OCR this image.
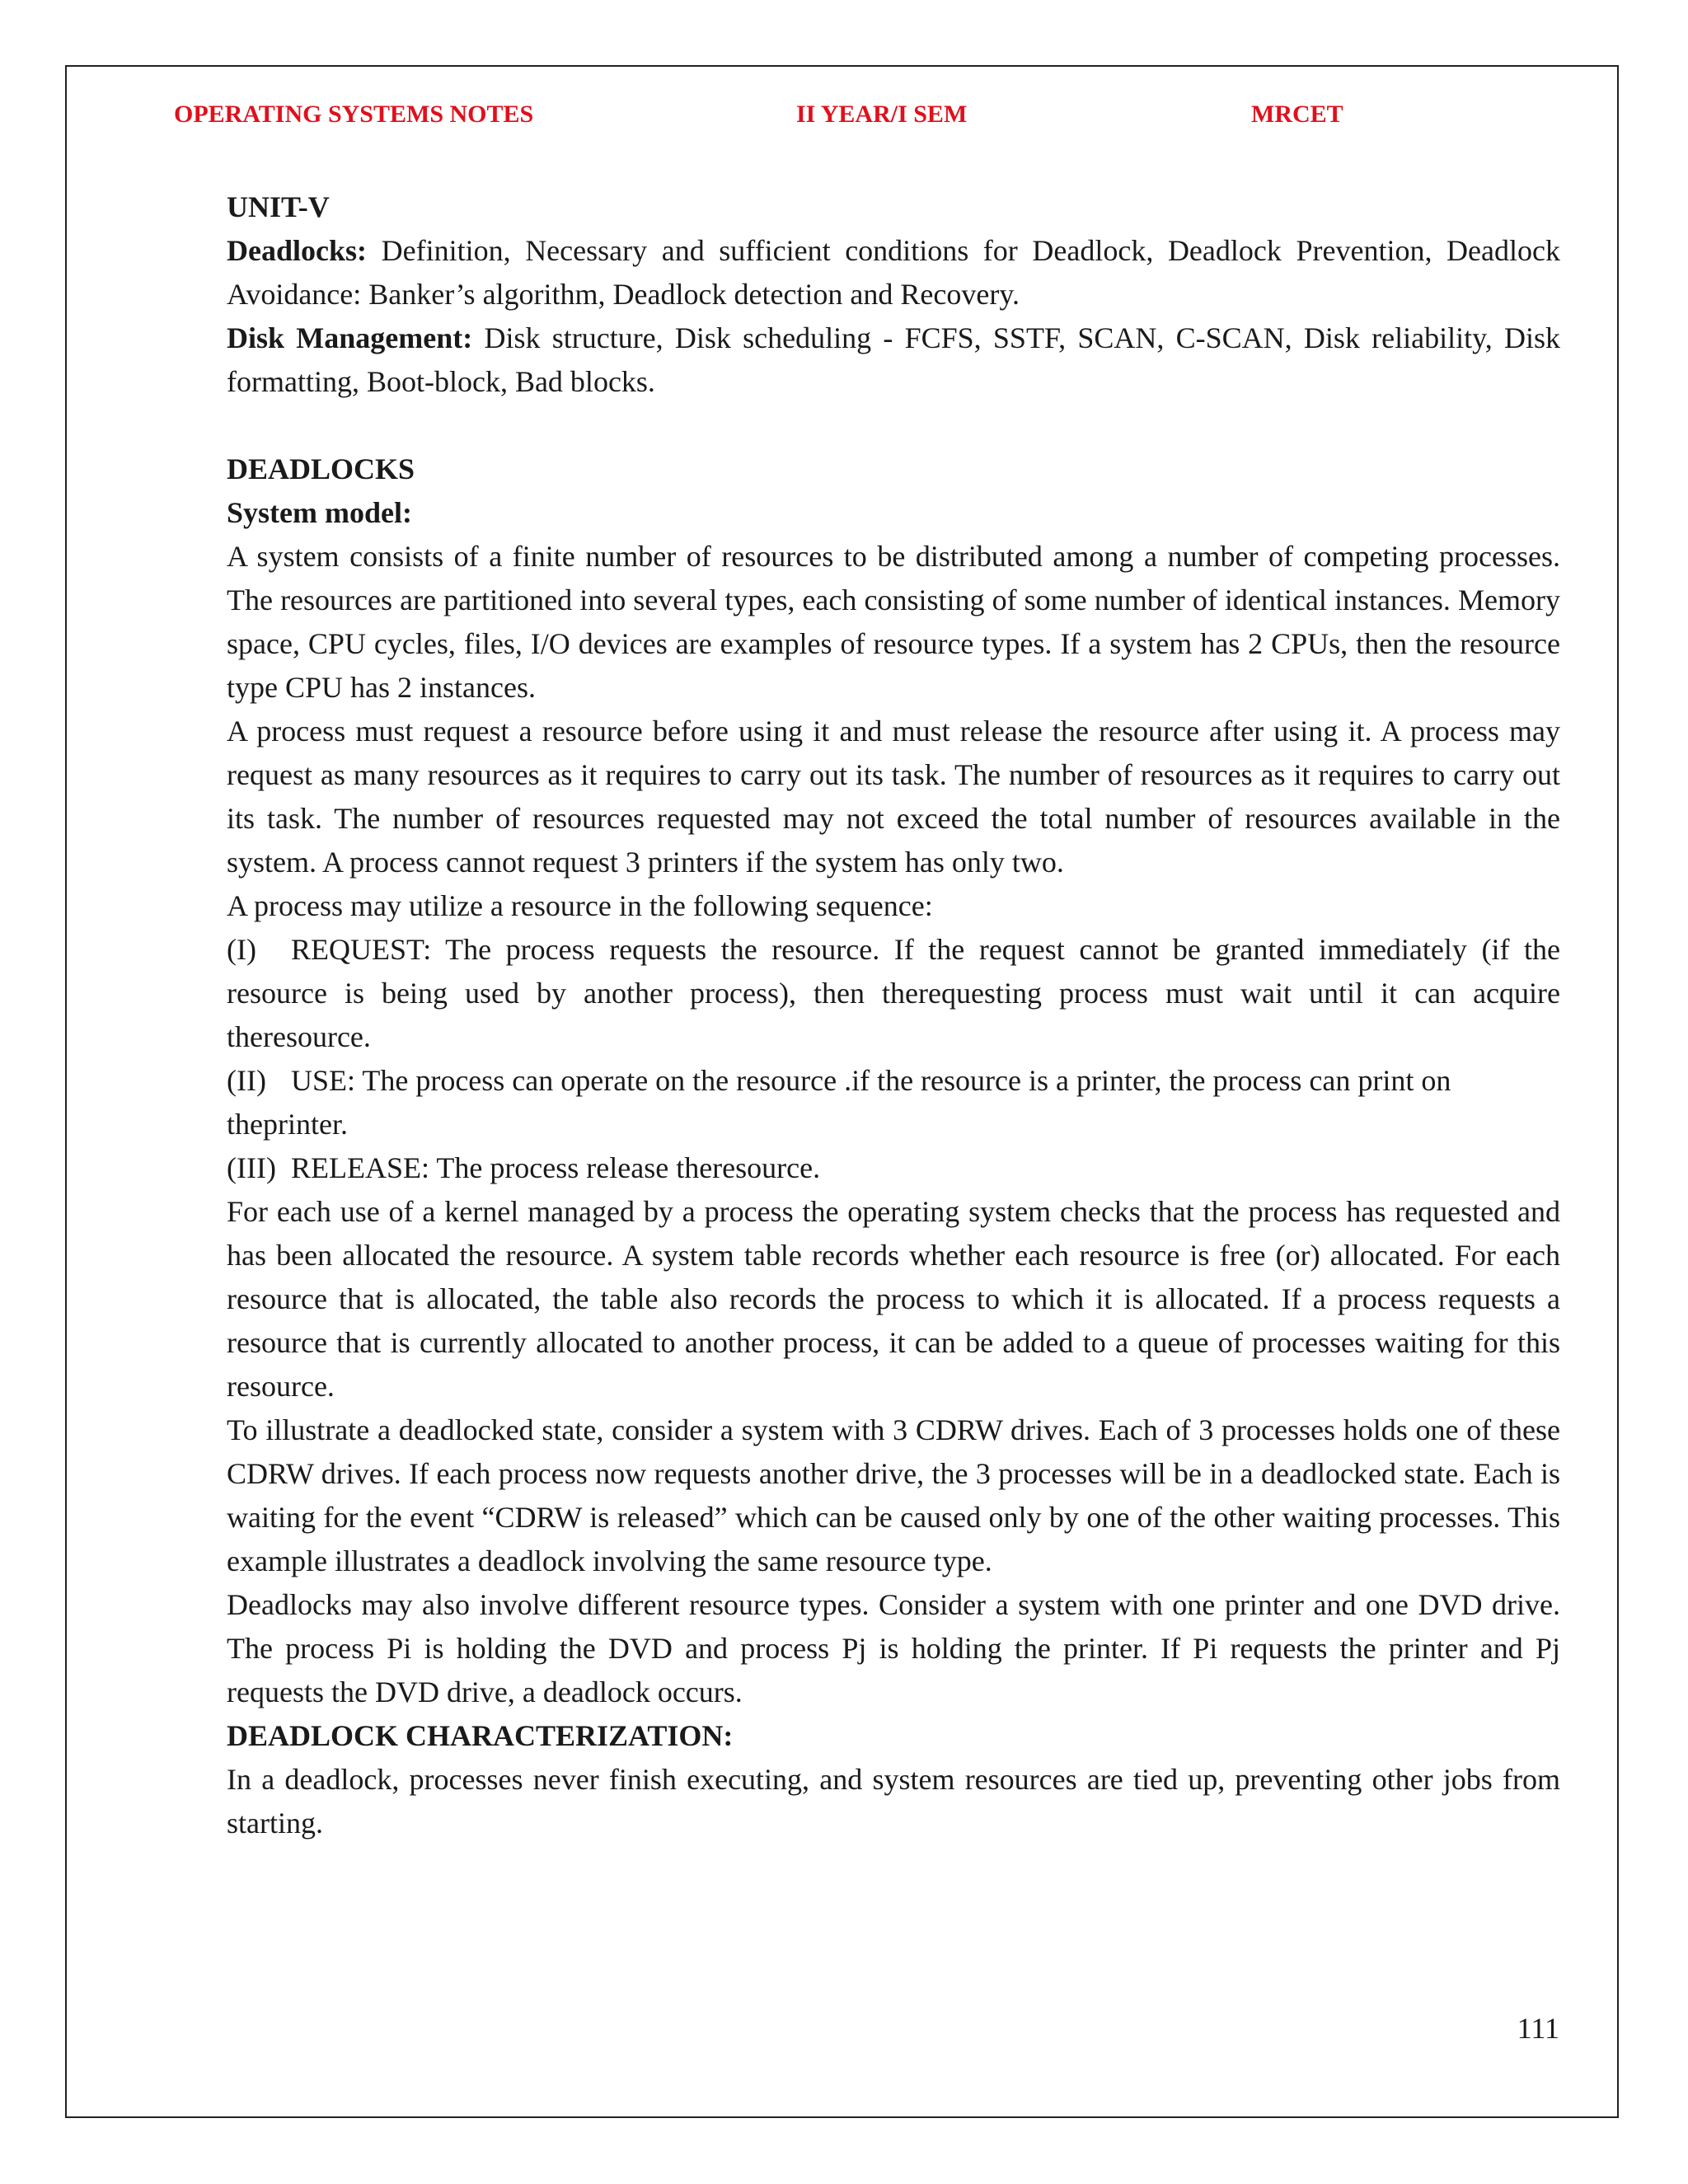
OPERATING SYSTEMS NOTES	II YEAR/I SEM	MRCET

UNIT-V

Deadlocks: Definition, Necessary and sufficient conditions for Deadlock, Deadlock Prevention, Deadlock Avoidance: Banker’s algorithm, Deadlock detection and Recovery.

Disk Management: Disk structure, Disk scheduling - FCFS, SSTF, SCAN, C-SCAN, Disk reliability, Disk formatting, Boot-block, Bad blocks.

DEADLOCKS

System model:

A system consists of a finite number of resources to be distributed among a number of competing processes. The resources are partitioned into several types, each consisting of some number of identical instances. Memory space, CPU cycles, files, I/O devices are examples of resource types. If a system has 2 CPUs, then the resource type CPU has 2 instances.

A process must request a resource before using it and must release the resource after using it. A process may request as many resources as it requires to carry out its task. The number of resources as it requires to carry out its task. The number of resources requested may not exceed the total number of resources available in the system. A process cannot request 3 printers if the system has only two.

A process may utilize a resource in the following sequence:

(I) REQUEST: The process requests the resource. If the request cannot be granted immediately (if the resource is being used by another process), then therequesting process must wait until it can acquire theresource.

(II) USE: The process can operate on the resource .if the resource is a printer, the process can print on theprinter.

(III) RELEASE: The process release theresource.

For each use of a kernel managed by a process the operating system checks that the process has requested and has been allocated the resource. A system table records whether each resource is free (or) allocated. For each resource that is allocated, the table also records the process to which it is allocated. If a process requests a resource that is currently allocated to another process, it can be added to a queue of processes waiting for this resource.

To illustrate a deadlocked state, consider a system with 3 CDRW drives. Each of 3 processes holds one of these CDRW drives. If each process now requests another drive, the 3 processes will be in a deadlocked state. Each is waiting for the event “CDRW is released” which can be caused only by one of the other waiting processes. This example illustrates a deadlock involving the same resource type.

Deadlocks may also involve different resource types. Consider a system with one printer and one DVD drive. The process Pi is holding the DVD and process Pj is holding the printer. If Pi requests the printer and Pj requests the DVD drive, a deadlock occurs.

DEADLOCK CHARACTERIZATION:

In a deadlock, processes never finish executing, and system resources are tied up, preventing other jobs from starting.

111
